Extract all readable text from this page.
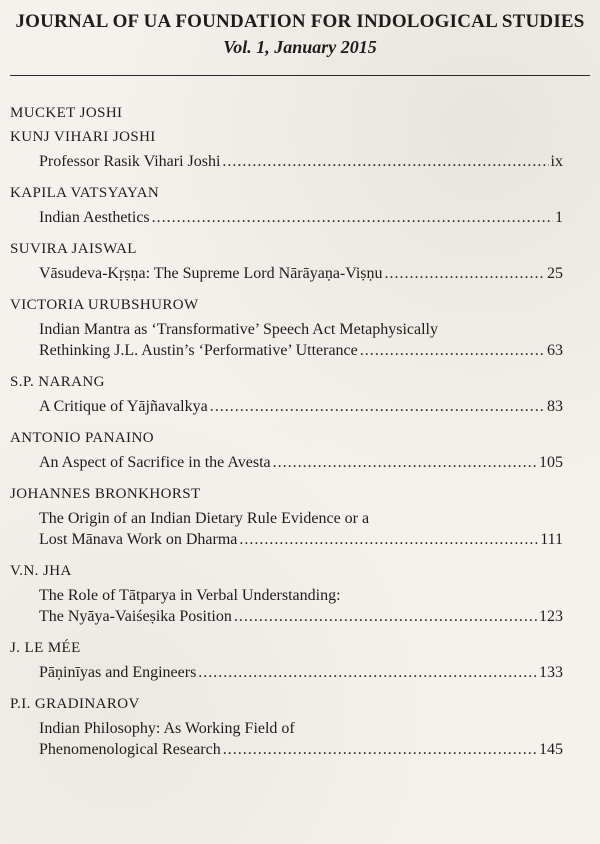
JOURNAL OF UA FOUNDATION FOR INDOLOGICAL STUDIES
Vol. 1, January 2015
MUCKET JOSHI
KUNJ VIHARI JOSHI
Professor Rasik Vihari Joshi .....	ix
KAPILA VATSYAYAN
Indian Aesthetics .....	1
SUVIRA JAISWAL
Vāsudeva-Kṛṣṇa: The Supreme Lord Nārāyaṇa-Viṣṇu .....	25
VICTORIA URUBSHUROW
Indian Mantra as ‘Transformative’ Speech Act Metaphysically
Rethinking J.L. Austin’s ‘Performative’ Utterance .....	63
S.P. NARANG
A Critique of Yājñavalkya .....	83
ANTONIO PANAINO
An Aspect of Sacrifice in the Avesta .....	105
JOHANNES BRONKHORST
The Origin of an Indian Dietary Rule Evidence or a
Lost Mānava Work on Dharma .....	111
V.N. JHA
The Role of Tātparya in Verbal Understanding:
The Nyāya-Vaiśeṣika Position .....	123
J. LE MÉE
Pāṇinīyas and Engineers .....	133
P.I. GRADINAROV
Indian Philosophy: As Working Field of
Phenomenological Research .....	145
